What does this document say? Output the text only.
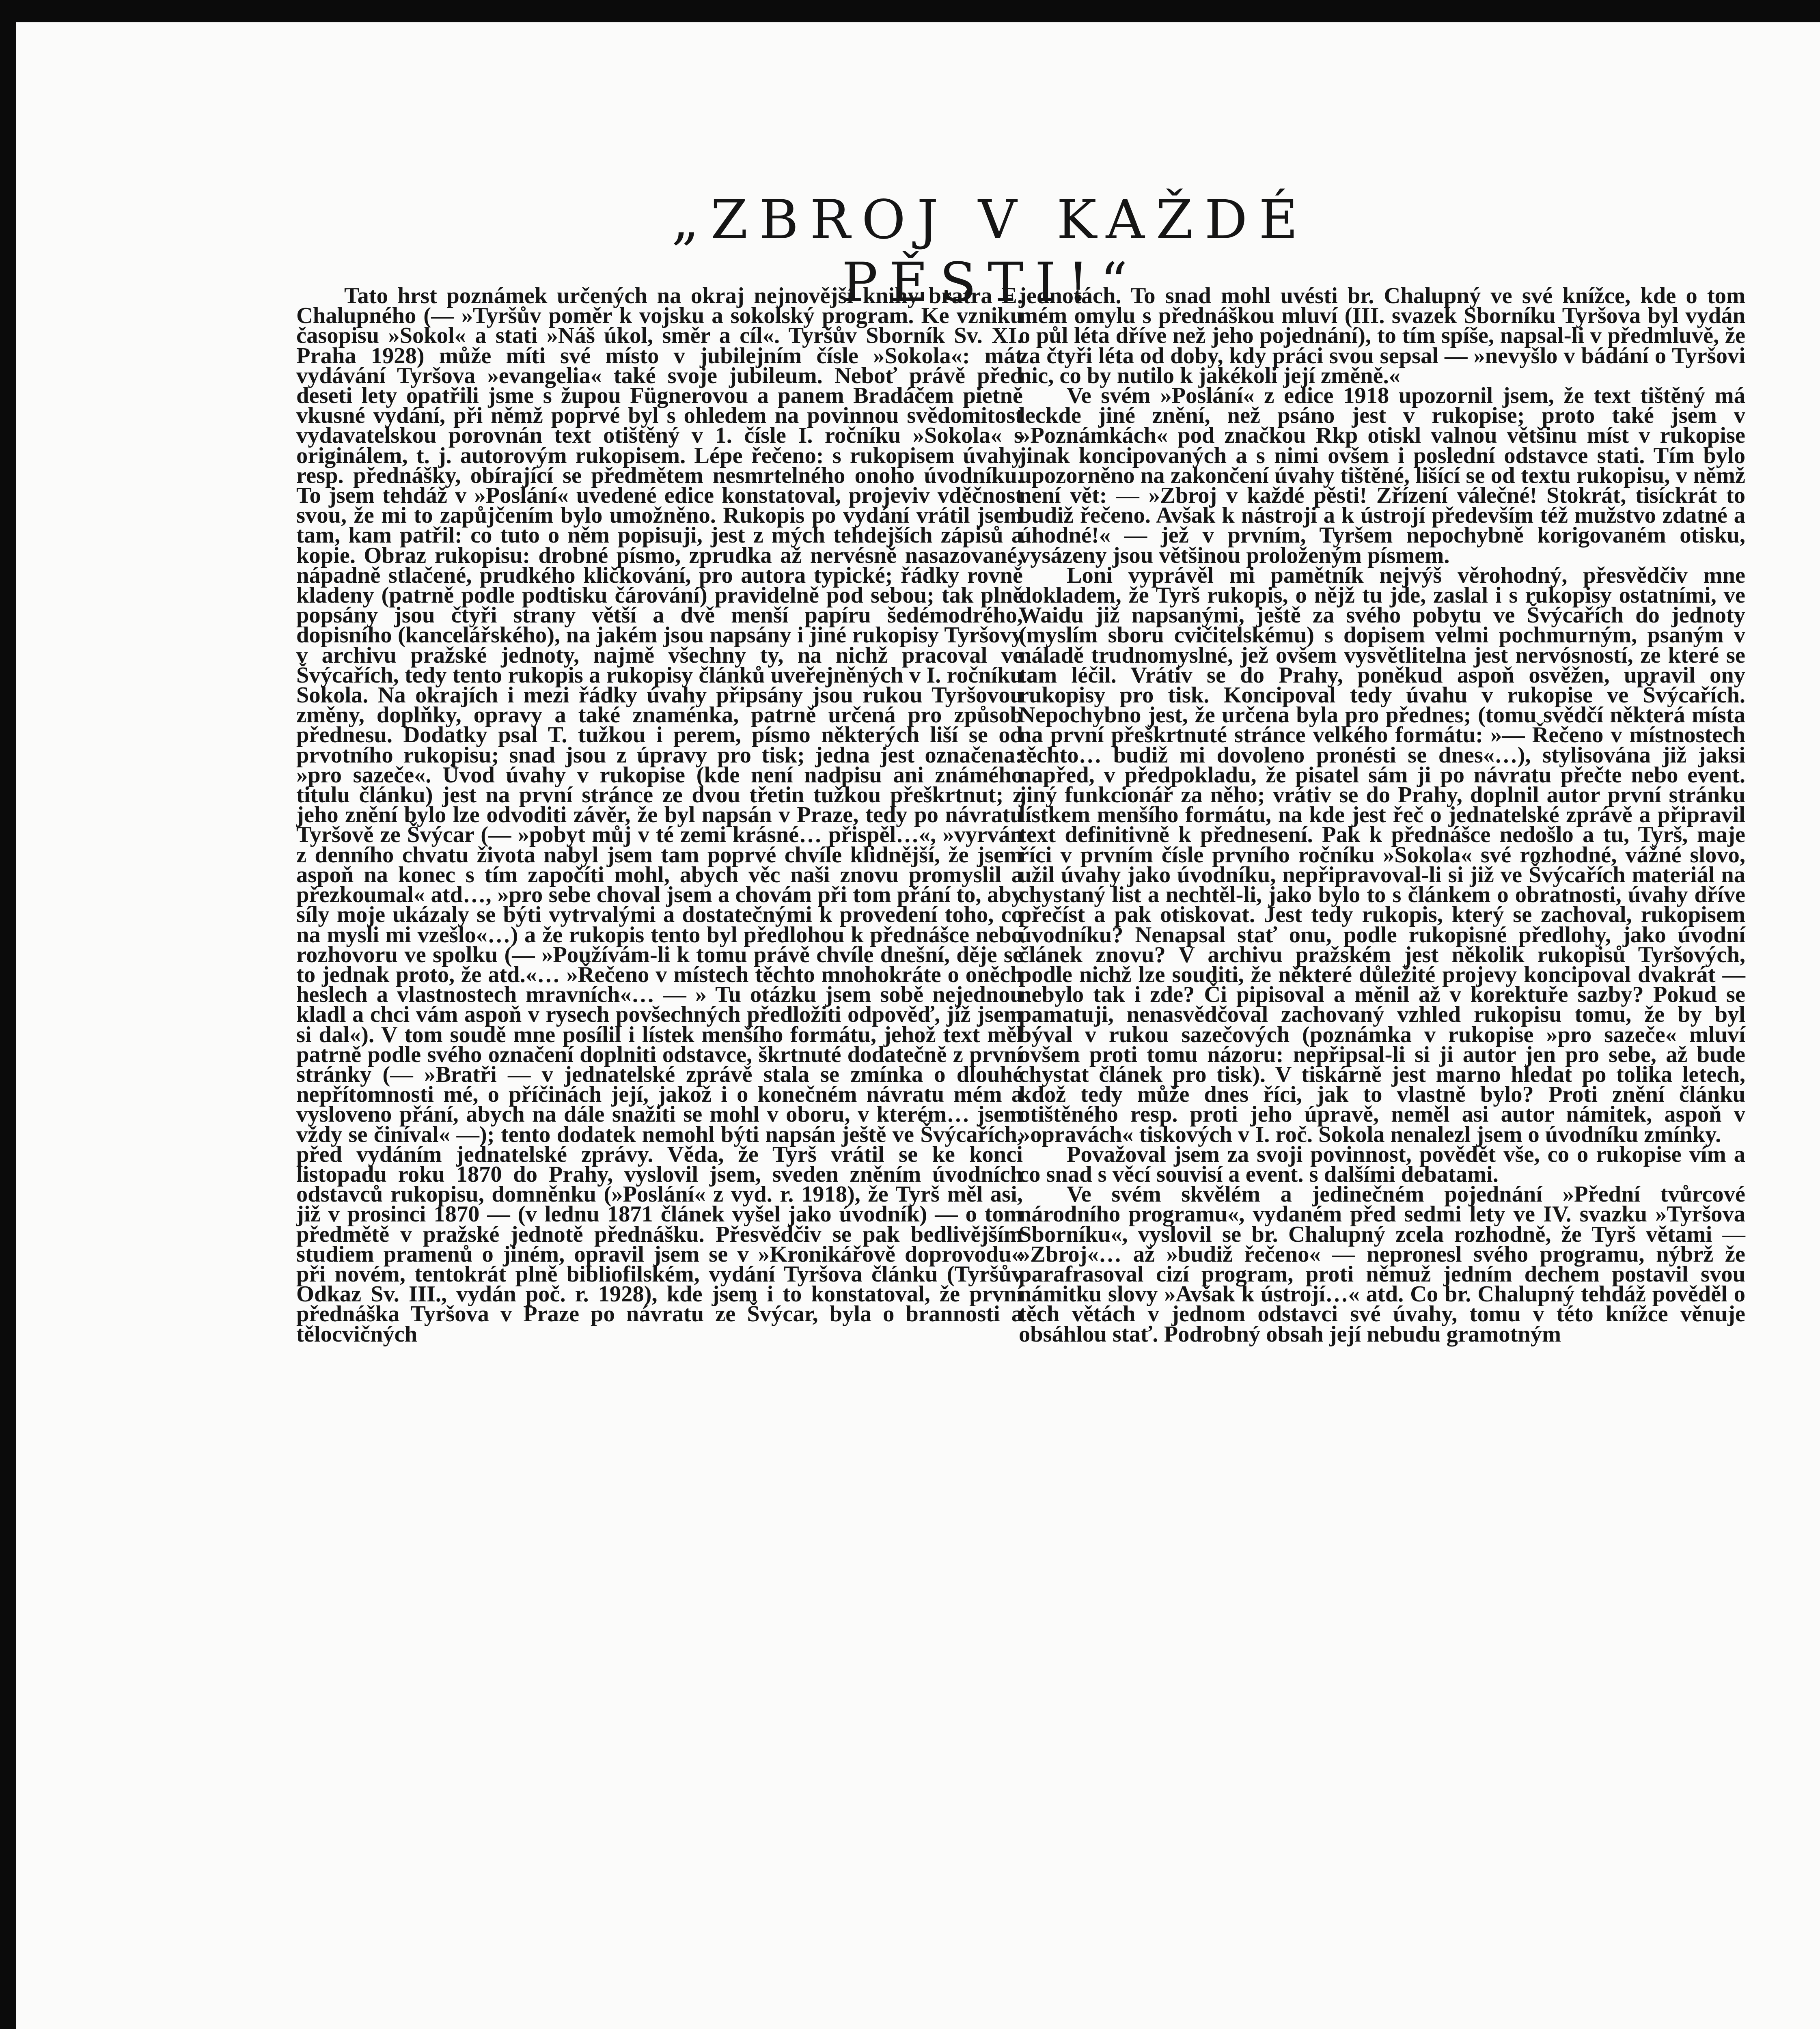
„ZBROJ V KAŽDÉ PĚSTI!“

Tato hrst poznámek určených na okraj nejnovější knihy bratra E. Chalupného (— »Tyršův poměr k vojsku a sokolský program. Ke vzniku časopisu »Sokol« a stati »Náš úkol, směr a cíl«. Tyršův Sborník Sv. XI. Praha 1928) může míti své místo v jubilejním čísle »Sokola«: mát vydávání Tyršova »evangelia« také svoje jubileum. Neboť právě před deseti lety opatřili jsme s župou Fügnerovou a panem Bradáčem pietně vkusné vydání, při němž poprvé byl s ohledem na povinnou svědomitost vydavatelskou porovnán text otištěný v 1. čísle I. ročníku »Sokola« s originálem, t. j. autorovým rukopisem. Lépe řečeno: s rukopisem úvahy resp. přednášky, obírající se předmětem nesmrtelného onoho úvodníku. To jsem tehdáž v »Poslání« uvedené edice konstatoval, projeviv vděčnost svou, že mi to zapůjčením bylo umožněno. Rukopis po vydání vrátil jsem tam, kam patřil: co tuto o něm popisuji, jest z mých tehdejších zápisů a kopie. Obraz rukopisu: drobné písmo, zprudka až nervésně nasazované, nápadně stlačené, prudkého kličkování, pro autora typické; řádky rovně kladeny (patrně podle podtisku čárování) pravidelně pod sebou; tak plně popsány jsou čtyři strany větší a dvě menší papíru šedémodrého, dopisního (kancelářského), na jakém jsou napsány i jiné rukopisy Tyršovy v archivu pražské jednoty, najmě všechny ty, na nichž pracoval ve Švýcařích, tedy tento rukopis a rukopisy článků uveřejněných v I. ročníku Sokola. Na okrajích i mezi řádky úvahy připsány jsou rukou Tyršovou změny, doplňky, opravy a také znaménka, patrně určená pro způsob přednesu. Dodatky psal T. tužkou i perem, písmo některých liší se od prvotního rukopisu; snad jsou z úpravy pro tisk; jedna jest označena: »pro sazeče«. Úvod úvahy v rukopise (kde není nadpisu ani známého titulu článku) jest na první stránce ze dvou třetin tužkou přeškrtnut; z jeho znění bylo lze odvoditi závěr, že byl napsán v Praze, tedy po návratu Tyršově ze Švýcar (— »pobyt můj v té zemi krásné… přispěl…«, »vyrván z denního chvatu života nabyl jsem tam poprvé chvíle klidnější, že jsem aspoň na konec s tím započíti mohl, abych věc naši znovu promyslil a přezkoumal« atd…, »pro sebe choval jsem a chovám při tom přání to, aby síly moje ukázaly se býti vytrvalými a dostatečnými k provedení toho, co na mysli mi vzešlo«…) a že rukopis tento byl předlohou k přednášce nebo rozhovoru ve spolku (— »Používám-li k tomu právě chvíle dnešní, děje se to jednak proto, že atd.«… »Řečeno v místech těchto mnohokráte o oněch heslech a vlastnostech mravních«… — » Tu otázku jsem sobě nejednou kladl a chci vám aspoň v rysech povšechných předložiti odpověď, jíž jsem si dal«). V tom soudě mne posílil i lístek menšího formátu, jehož text měl patrně podle svého označení doplniti odstavce, škrtnuté dodatečně z první stránky (— »Bratři — v jednatelské zprávě stala se zmínka o dlouhé nepřítomnosti mé, o příčinách její, jakož i o konečném návratu mém a vysloveno přání, abych na dále snažiti se mohl v oboru, v kterém… jsem vždy se činíval« —); tento dodatek nemohl býti napsán ještě ve Švýcařích, před vydáním jednatelské zprávy. Věda, že Tyrš vrátil se ke konci listopadu roku 1870 do Prahy, vyslovil jsem, sveden zněním úvodních odstavců rukopisu, domněnku (»Poslání« z vyd. r. 1918), že Tyrš měl asi, již v prosinci 1870 — (v lednu 1871 článek vyšel jako úvodník) — o tom předmětě v pražské jednotě přednášku. Přesvědčiv se pak bedlivějším studiem pramenů o jiném, opravil jsem se v »Kronikářově doprovodu« při novém, tentokrát plně bibliofilském, vydání Tyršova článku (Tyršův Odkaz Sv. III., vydán poč. r. 1928), kde jsem i to konstatoval, že první přednáška Tyršova v Praze po návratu ze Švýcar, byla o brannosti a tělocvičných

jednotách. To snad mohl uvésti br. Chalupný ve své knížce, kde o tom mém omylu s přednáškou mluví (III. svazek Sborníku Tyršova byl vydán o půl léta dříve než jeho pojednání), to tím spíše, napsal-li v předmluvě, že za čtyři léta od doby, kdy práci svou sepsal — »nevyšlo v bádání o Tyršovi nic, co by nutilo k jakékoli její změně.«

Ve svém »Poslání« z edice 1918 upozornil jsem, že text tištěný má leckde jiné znění, než psáno jest v rukopise; proto také jsem v »Poznámkách« pod značkou Rkp otiskl valnou většinu míst v rukopise jinak koncipovaných a s nimi ovšem i poslední odstavce stati. Tím bylo upozorněno na zakončení úvahy tištěné, lišící se od textu rukopisu, v němž není vět: — »Zbroj v každé pěsti! Zřízení válečné! Stokrát, tisíckrát to budiž řečeno. Avšak k nástroji a k ústrojí především též mužstvo zdatné a úhodné!« — jež v prvním, Tyršem nepochybně korigovaném otisku, vysázeny jsou většinou proloženým písmem.

Loni vyprávěl mi pamětník nejvýš věrohodný, přesvědčiv mne dokladem, že Tyrš rukopis, o nějž tu jde, zaslal i s rukopisy ostatními, ve Waidu již napsanými, ještě za svého pobytu ve Švýcařích do jednoty (myslím sboru cvičitelskému) s dopisem velmi pochmurným, psaným v náladě trudnomyslné, jež ovšem vysvětlitelna jest nervósností, ze které se tam léčil. Vrátiv se do Prahy, poněkud aspoň osvěžen, upravil ony rukopisy pro tisk. Koncipoval tedy úvahu v rukopise ve Švýcařích. Nepochybno jest, že určena byla pro přednes; (tomu svědčí některá místa na první přeškrtnuté stránce velkého formátu: »— Řečeno v místnostech těchto… budiž mi dovoleno pronésti se dnes«…), stylisována již jaksi napřed, v předpokladu, že pisatel sám ji po návratu přečte nebo event. jiný funkcionář za něho; vrátiv se do Prahy, doplnil autor první stránku lístkem menšího formátu, na kde jest řeč o jednatelské zprávě a připravil text definitivně k přednesení. Pak k přednášce nedošlo a tu, Tyrš, maje říci v prvním čísle prvního ročníku »Sokola« své rozhodné, vážné slovo, užil úvahy jako úvodníku, nepřipravoval-li si již ve Švýcařích materiál na chystaný list a nechtěl-li, jako bylo to s článkem o obratnosti, úvahy dříve přečíst a pak otiskovat. Jest tedy rukopis, který se zachoval, rukopisem úvodníku? Nenapsal stať onu, podle rukopisné předlohy, jako úvodní článek znovu? V archivu pražském jest několik rukopisů Tyršových, podle nichž lze souditi, že některé důležité projevy koncipoval dvakrát — nebylo tak i zde? Či pipisoval a měnil až v korektuře sazby? Pokud se pamatuji, nenasvědčoval zachovaný vzhled rukopisu tomu, že by byl býval v rukou sazečových (poznámka v rukopise »pro sazeče« mluví ovšem proti tomu názoru: nepřipsal-li si ji autor jen pro sebe, až bude chystat článek pro tisk). V tiskárně jest marno hledat po tolika letech, kdož tedy může dnes říci, jak to vlastně bylo? Proti znění článku otištěného resp. proti jeho úpravě, neměl asi autor námitek, aspoň v »opravách« tiskových v I. roč. Sokola nenalezl jsem o úvodníku zmínky.

Považoval jsem za svoji povinnost, povědět vše, co o rukopise vím a co snad s věcí souvisí a event. s dalšími debatami.

Ve svém skvělém a jedinečném pojednání »Přední tvůrcové národního programu«, vydaném před sedmi lety ve IV. svazku »Tyršova Sborníku«, vyslovil se br. Chalupný zcela rozhodně, že Tyrš větami — »Zbroj«… až »budiž řečeno« — nepronesl svého programu, nýbrž že parafrasoval cizí program, proti němuž jedním dechem postavil svou námitku slovy »Avšak k ústrojí…« atd. Co br. Chalupný tehdáž pověděl o těch větách v jednom odstavci své úvahy, tomu v této knížce věnuje obsáhlou stať. Podrobný obsah její nebudu gramotným
